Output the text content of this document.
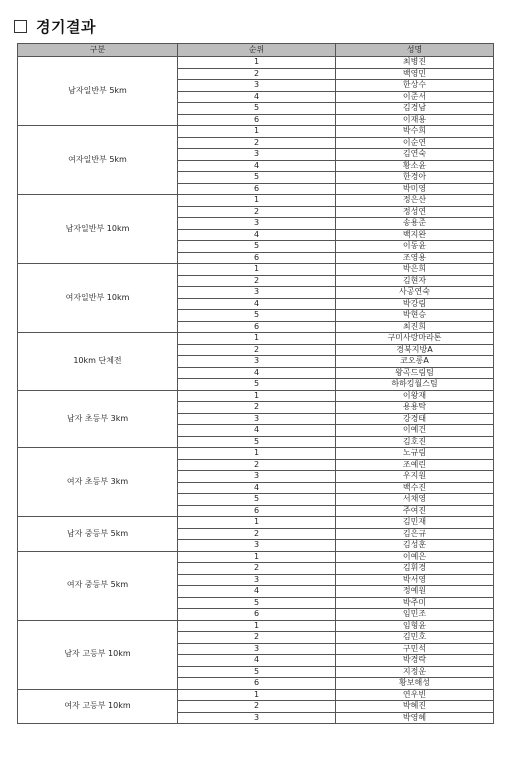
경기결과
구분	순위	성명
남자일반부 5km	1	최병진
	2	백영민
	3	한상수
	4	이준서
	5	김경남
	6	이재용
여자일반부 5km	1	박수희
	2	이순연
	3	김연숙
	4	황소윤
	5	한경아
	6	박미영
남자일반부 10km	1	정은산
	2	정성연
	3	송용준
	4	백지완
	5	이동윤
	6	조영용
여자일반부 10km	1	박은희
	2	김현자
	3	사공연숙
	4	박강림
	5	박현승
	6	최진희
10km 단체전	1	구미사랑마라톤
	2	경북지방A
	3	코오롱A
	4	왕곡드림팀
	5	하하킹월스팀
남자 초등부 3km	1	이왕재
	2	용용탁
	3	강경태
	4	이예건
	5	김호진
여자 초등부 3km	1	노규림
	2	조예린
	3	우지원
	4	백수진
	5	서채영
	6	주여진
남자 중등부 5km	1	김민재
	2	김은규
	3	김성훈
여자 중등부 5km	1	이예은
	2	김휘경
	3	박서영
	4	정예원
	5	박주미
	6	임민조
남자 고등부 10km	1	임형윤
	2	김민호
	3	구민석
	4	박경락
	5	지정운
	6	황보해성
여자 고등부 10km	1	연우빈
	2	박혜진
	3	박영혜
